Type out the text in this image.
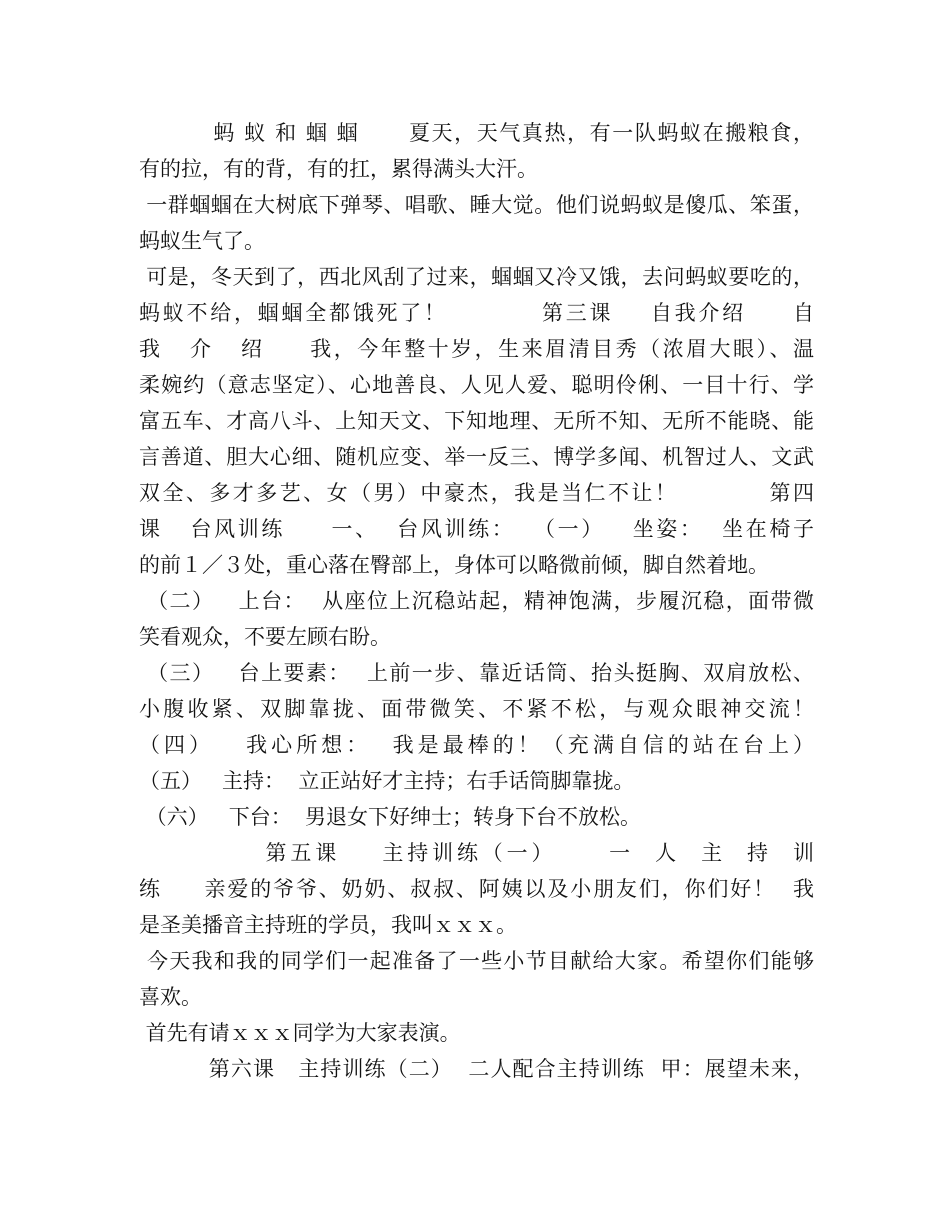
蚂 蚁 和 蝈 蝈      夏天，天气真热，有一队蚂蚁在搬粮食，
有的拉，有的背，有的扛，累得满头大汗。
一群蝈蝈在大树底下弹琴、唱歌、睡大觉。他们说蚂蚁是傻瓜、笨蛋，
蚂蚁生气了。
可是，冬天到了，西北风刮了过来，蝈蝈又冷又饿，去问蚂蚁要吃的，
蚂蚁不给，蝈蝈全都饿死了！          第三课    自我介绍     自
我   介   绍     我，今年整十岁，生来眉清目秀（浓眉大眼）、温
柔婉约（意志坚定）、心地善良、人见人爱、聪明伶俐、一目十行、学
富五车、才高八斗、上知天文、下知地理、无所不知、无所不能晓、能
言善道、胆大心细、随机应变、举一反三、博学多闻、机智过人、文武
双全、多才多艺、女（男）中豪杰，我是当仁不让！          第四
课   台风训练     一、  台风训练：  （一）   坐姿：  坐在椅子
的前１／３处，重心落在臀部上，身体可以略微前倾，脚自然着地。
（二）   上台：  从座位上沉稳站起，精神饱满，步履沉稳，面带微
笑看观众，不要左顾右盼。
（三）   台上要素：  上前一步、靠近话筒、抬头挺胸、双肩放松、
小腹收紧、双脚靠拢、面带微笑、不紧不松，与观众眼神交流！
（四）   我心所想：  我是最棒的！（充满自信的站在台上）
（五）   主持：  立正站好才主持；右手话筒脚靠拢。
（六）   下台：  男退女下好绅士；转身下台不放松。
第五课    主持训练（一）     一  人  主  持  训
练     亲爱的爷爷、奶奶、叔叔、阿姨以及小朋友们，你们好！  我
是圣美播音主持班的学员，我叫ｘｘｘ。
今天我和我的同学们一起准备了一些小节目献给大家。希望你们能够
喜欢。
首先有请ｘｘｘ同学为大家表演。
第六课   主持训练（二）  二人配合主持训练  甲：展望未来，
